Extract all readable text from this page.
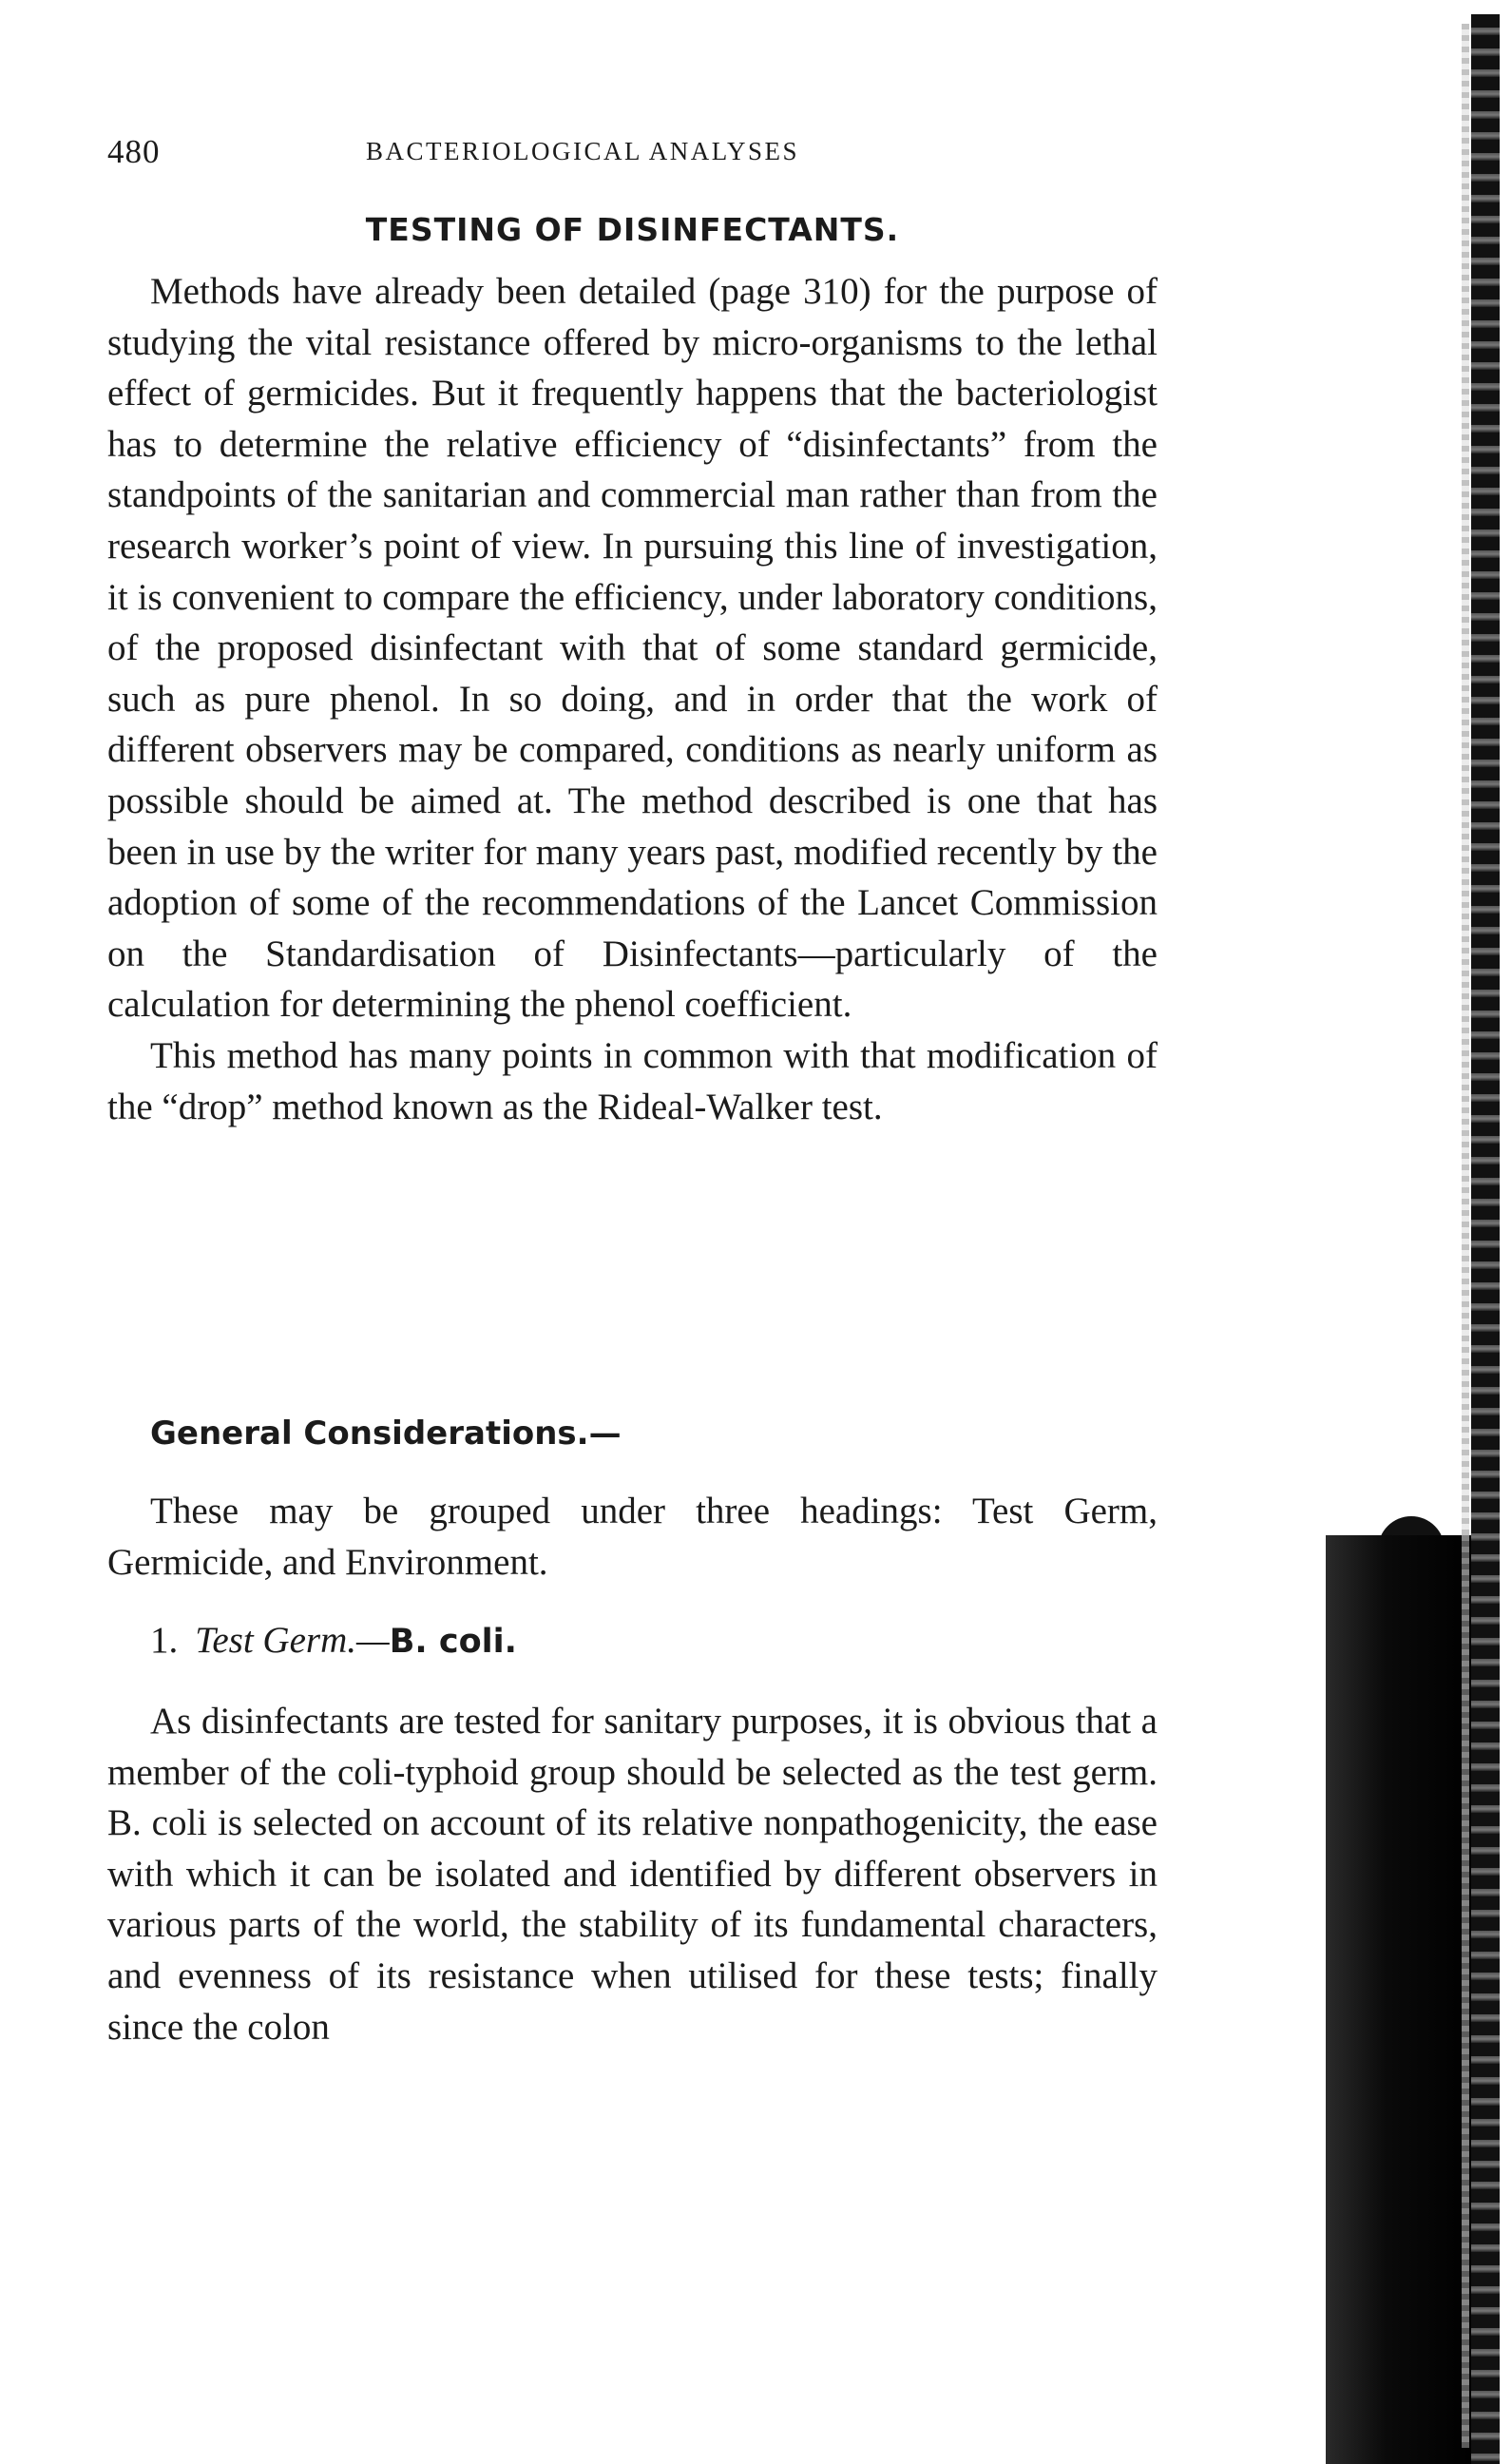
480	BACTERIOLOGICAL ANALYSES
TESTING OF DISINFECTANTS.

Methods have already been detailed (page 310) for the purpose of studying the vital resistance offered by micro-organisms to the lethal effect of germicides. But it frequently happens that the bacteriologist has to determine the relative efficiency of “disinfectants” from the standpoints of the sanitarian and commercial man rather than from the research worker’s point of view. In pursuing this line of investigation, it is convenient to compare the efficiency, under laboratory conditions, of the proposed disinfectant with that of some standard germicide, such as pure phenol. In so doing, and in order that the work of different observers may be compared, conditions as nearly uniform as possible should be aimed at. The method described is one that has been in use by the writer for many years past, modified recently by the adoption of some of the recommendations of the Lancet Commission on the Standardisation of Disinfectants—particularly of the calculation for determining the phenol coefficient.

This method has many points in common with that modification of the “drop” method known as the Rideal-Walker test.

General Considerations.—

These may be grouped under three headings: Test Germ, Germicide, and Environment.

1. Test Germ.—B. coli.

As disinfectants are tested for sanitary purposes, it is obvious that a member of the coli-typhoid group should be selected as the test germ. B. coli is selected on account of its relative nonpathogenicity, the ease with which it can be isolated and identified by different observers in various parts of the world, the stability of its fundamental characters, and evenness of its resistance when utilised for these tests; finally since the colon
